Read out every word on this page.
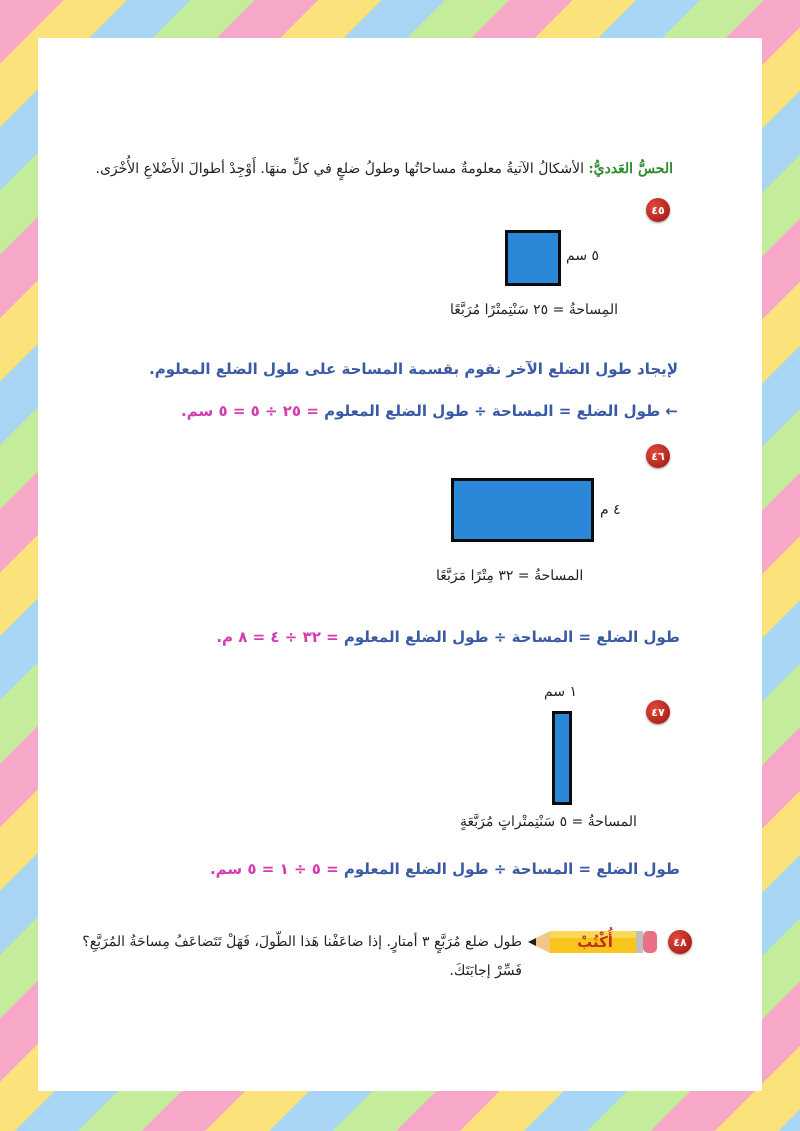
الحسُّ العَدديُّ: الأشكالُ الآتيةُ معلومةٌ مساحاتُها وطولُ ضلعٍ في كلٍّ منهَا. أَوْجِدْ أطوالَ الأَضْلاعِ الأُخْرَى.
٤٥
٥ سم
المِساحةُ = ٢٥ سَنْتِمتْرًا مُرَبَّعًا
لإيجاد طول الضلع الآخر نقوم بقسمة المساحة على طول الضلع المعلوم.
← طول الضلع = المساحة ÷ طول الضلع المعلوم = ٢٥ ÷ ٥ = ٥ سم.
٤٦
٤ م
المساحةُ = ٣٢ مِتْرًا مَرَبَّعًا
طول الضلع = المساحة ÷ طول الضلع المعلوم = ٣٢ ÷ ٤ = ٨ م.
١ سم
٤٧
المساحةُ = ٥ سَنْتِمتْراتٍ مُرَبَّعَةٍ
طول الضلع = المساحة ÷ طول الضلع المعلوم = ٥ ÷ ١ = ٥ سم.
٤٨
أُكْتُبْ
طول ضلع مُرَبَّعٍ ٣ أمتارٍ. إذا ضاعَفْنا هَذا الطّولَ، فَهَلْ تَتَضاعَفُ مِساحَةُ المُرَبَّعِ؟
فَسِّرْ إجابَتَكَ.
